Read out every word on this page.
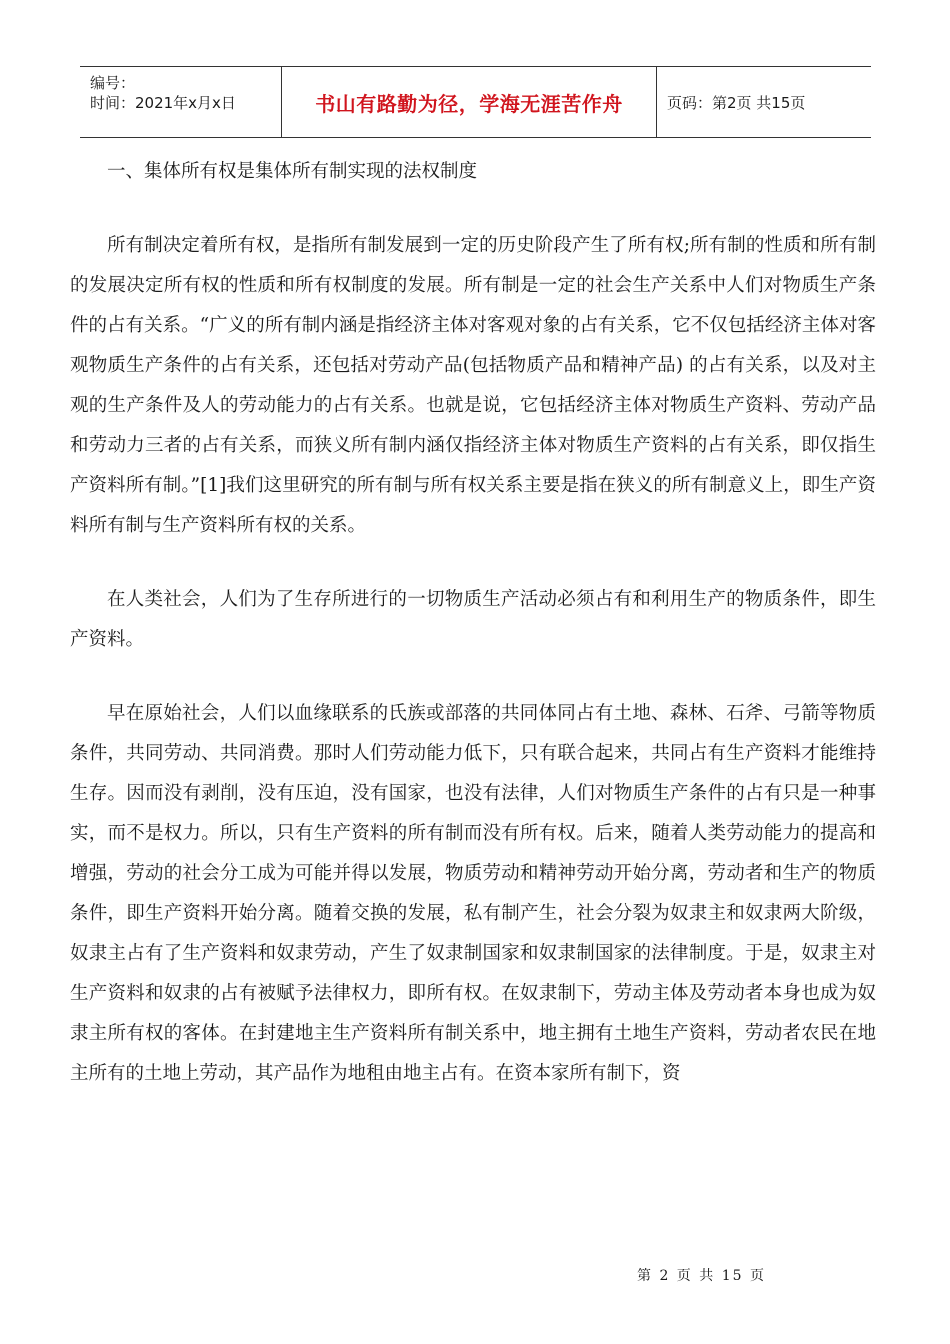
编号：
时间：2021年x月x日	书山有路勤为径，学海无涯苦作舟	页码：第2页 共15页

一、集体所有权是集体所有制实现的法权制度

所有制决定着所有权，是指所有制发展到一定的历史阶段产生了所有权;所有制的性质和所有制的发展决定所有权的性质和所有权制度的发展。所有制是一定的社会生产关系中人们对物质生产条件的占有关系。“广义的所有制内涵是指经济主体对客观对象的占有关系，它不仅包括经济主体对客观物质生产条件的占有关系，还包括对劳动产品(包括物质产品和精神产品) 的占有关系，以及对主观的生产条件及人的劳动能力的占有关系。也就是说，它包括经济主体对物质生产资料、劳动产品和劳动力三者的占有关系，而狭义所有制内涵仅指经济主体对物质生产资料的占有关系，即仅指生产资料所有制。”[1]我们这里研究的所有制与所有权关系主要是指在狭义的所有制意义上，即生产资料所有制与生产资料所有权的关系。

在人类社会，人们为了生存所进行的一切物质生产活动必须占有和利用生产的物质条件，即生产资料。

早在原始社会，人们以血缘联系的氏族或部落的共同体同占有土地、森林、石斧、弓箭等物质条件，共同劳动、共同消费。那时人们劳动能力低下，只有联合起来，共同占有生产资料才能维持生存。因而没有剥削，没有压迫，没有国家，也没有法律，人们对物质生产条件的占有只是一种事实，而不是权力。所以，只有生产资料的所有制而没有所有权。后来，随着人类劳动能力的提高和增强，劳动的社会分工成为可能并得以发展，物质劳动和精神劳动开始分离，劳动者和生产的物质条件，即生产资料开始分离。随着交换的发展，私有制产生，社会分裂为奴隶主和奴隶两大阶级，奴隶主占有了生产资料和奴隶劳动，产生了奴隶制国家和奴隶制国家的法律制度。于是，奴隶主对生产资料和奴隶的占有被赋予法律权力，即所有权。在奴隶制下，劳动主体及劳动者本身也成为奴隶主所有权的客体。在封建地主生产资料所有制关系中，地主拥有土地生产资料，劳动者农民在地主所有的土地上劳动，其产品作为地租由地主占有。在资本家所有制下，资

第 2 页 共 15 页
